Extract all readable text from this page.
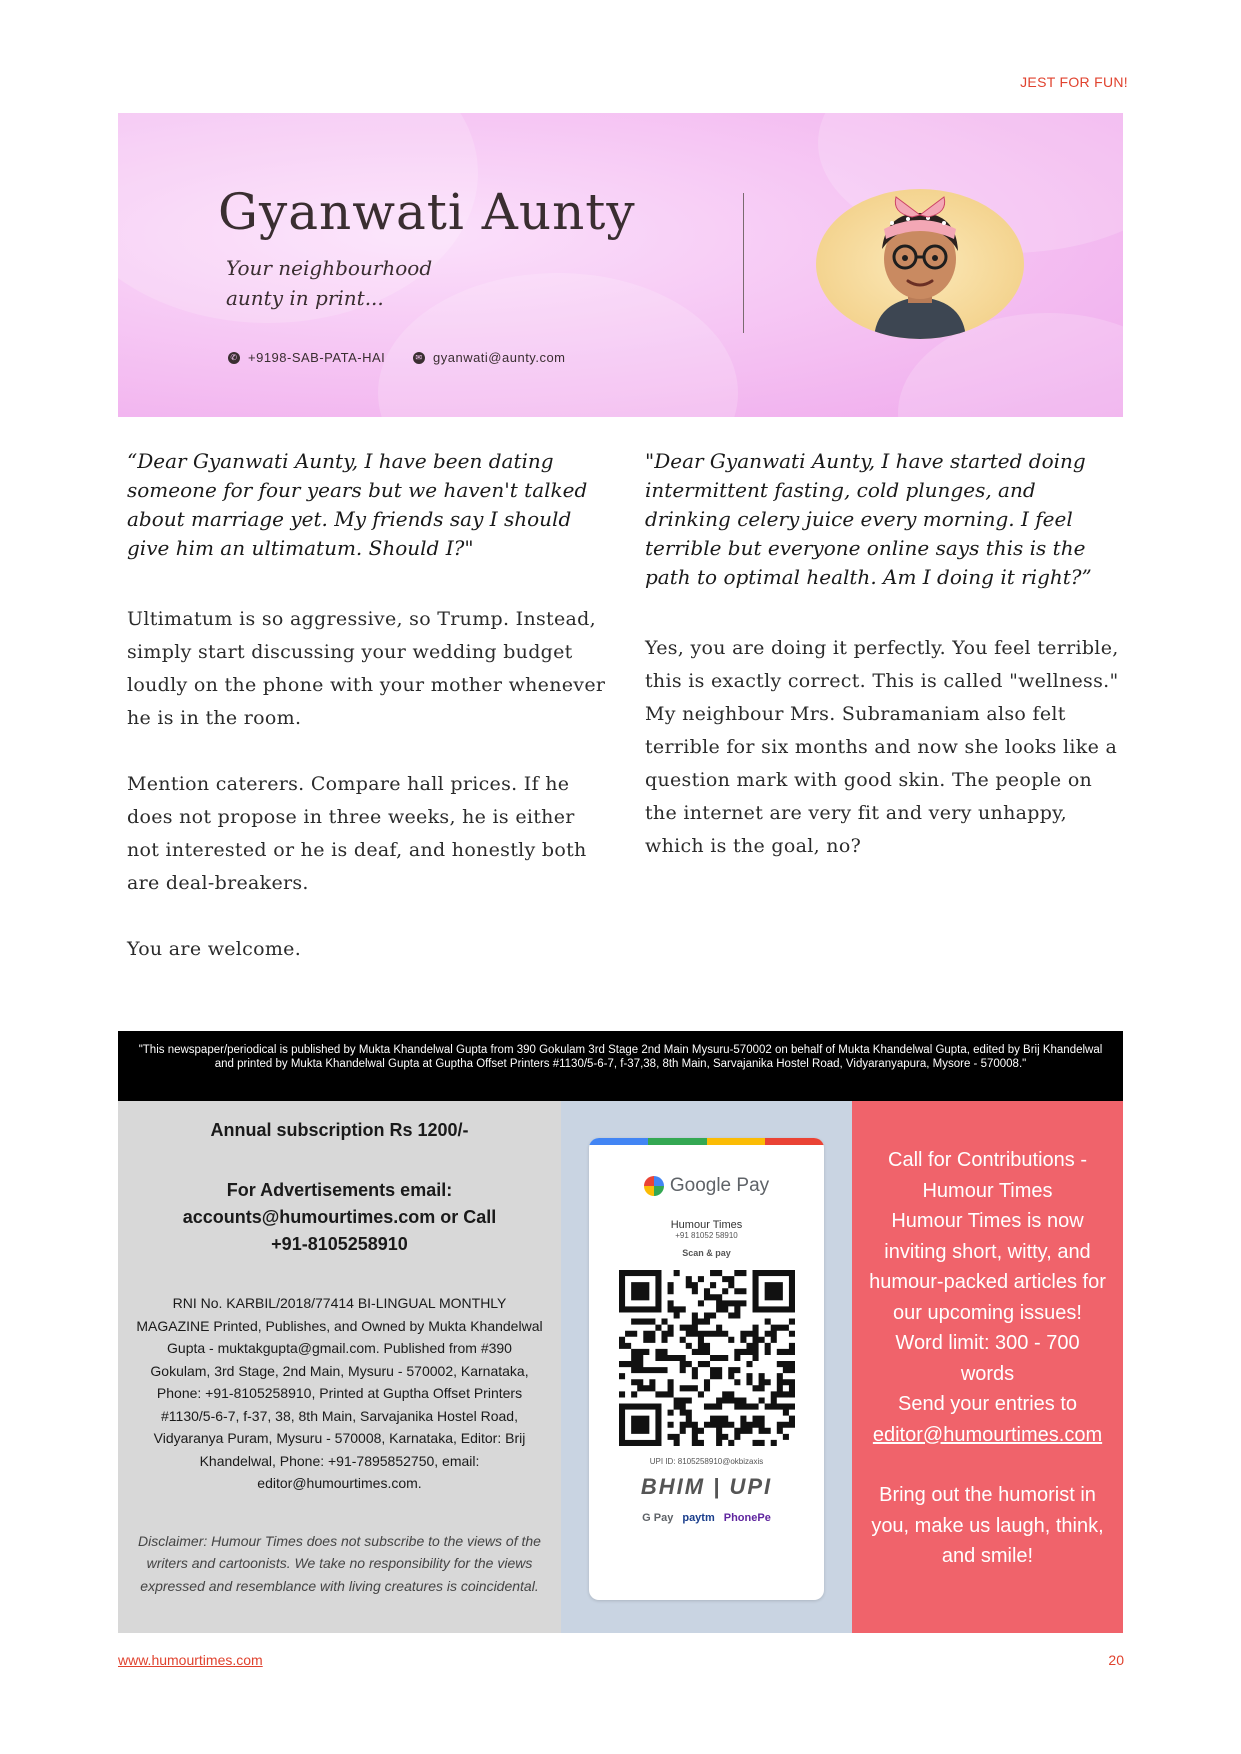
JEST FOR FUN!
Gyanwati Aunty
Your neighbourhood
aunty in print...
✆ +9198-SAB-PATA-HAI	✉ gyanwati@aunty.com
“Dear Gyanwati Aunty, I have been dating someone for four years but we haven't talked about marriage yet. My friends say I should give him an ultimatum. Should I?"
Ultimatum is so aggressive, so Trump. Instead, simply start discussing your wedding budget loudly on the phone with your mother whenever he is in the room.
Mention caterers. Compare hall prices. If he does not propose in three weeks, he is either not interested or he is deaf, and honestly both are deal-breakers.
You are welcome.
"Dear Gyanwati Aunty, I have started doing intermittent fasting, cold plunges, and drinking celery juice every morning. I feel terrible but everyone online says this is the path to optimal health. Am I doing it right?”
Yes, you are doing it perfectly. You feel terrible, this is exactly correct. This is called "wellness." My neighbour Mrs. Subramaniam also felt terrible for six months and now she looks like a question mark with good skin. The people on the internet are very fit and very unhappy, which is the goal, no?
"This newspaper/periodical is published by Mukta Khandelwal Gupta from 390 Gokulam 3rd Stage 2nd Main Mysuru-570002 on behalf of Mukta Khandelwal Gupta, edited by Brij Khandelwal and printed by Mukta Khandelwal Gupta at Guptha Offset Printers #1130/5-6-7, f-37,38, 8th Main, Sarvajanika Hostel Road, Vidyaranyapura, Mysore - 570008."
Annual subscription Rs 1200/-
For Advertisements email:
accounts@humourtimes.com or Call
+91-8105258910
RNI No. KARBIL/2018/77414 BI-LINGUAL MONTHLY MAGAZINE Printed, Publishes, and Owned by Mukta Khandelwal Gupta - muktakgupta@gmail.com. Published from #390 Gokulam, 3rd Stage, 2nd Main, Mysuru - 570002, Karnataka, Phone: +91-8105258910, Printed at Guptha Offset Printers #1130/5-6-7, f-37, 38, 8th Main, Sarvajanika Hostel Road, Vidyaranya Puram, Mysuru - 570008, Karnataka, Editor: Brij Khandelwal, Phone: +91-7895852750, email: editor@humourtimes.com.
Disclaimer: Humour Times does not subscribe to the views of the writers and cartoonists. We take no responsibility for the views expressed and resemblance with living creatures is coincidental.
Google Pay
Humour Times
+91 81052 58910
Scan & pay
UPI ID: 8105258910@okbizaxis
BHIM | UPI
G Pay paytm PhonePe
Call for Contributions - Humour Times
Humour Times is now inviting short, witty, and humour-packed articles for our upcoming issues!
Word limit: 300 - 700 words
Send your entries to
editor@humourtimes.com
Bring out the humorist in you, make us laugh, think, and smile!
www.humourtimes.com	20
